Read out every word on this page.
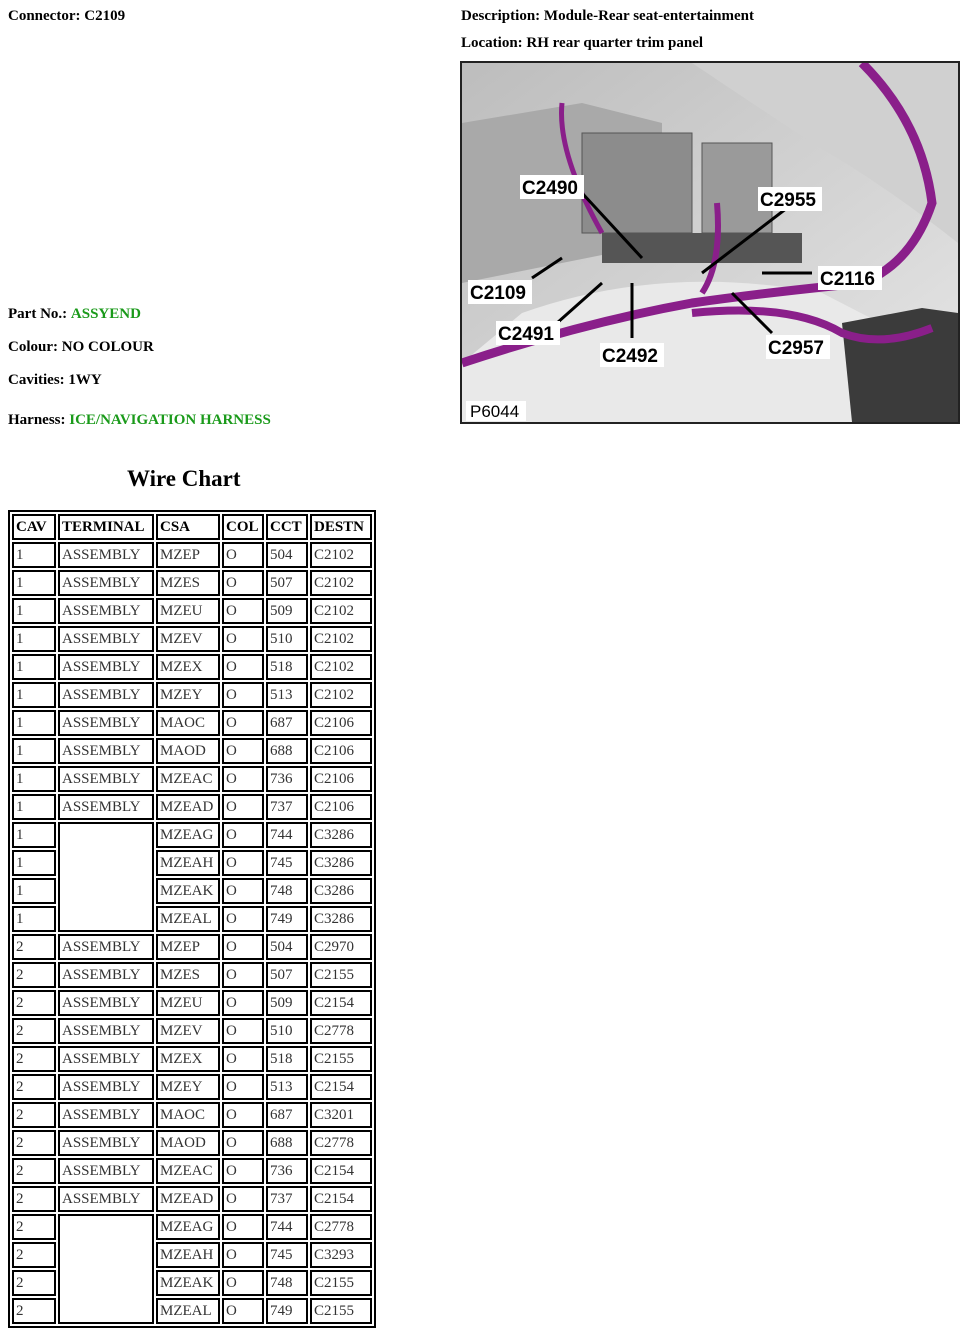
Connector: C2109	Description: Module-Rear seat-entertainment
Location: RH rear quarter trim panel
Part No.: ASSYEND
Colour: NO COLOUR
Cavities: 1WY
Harness: ICE/NAVIGATION HARNESS
C2490
C2955
C2109
C2116
C2491
C2492	C2957
P6044
Wire Chart
CAV	TERMINAL	CSA	COL	CCT	DESTN
1	ASSEMBLY	MZEP	O	504	C2102
1	ASSEMBLY	MZES	O	507	C2102
1	ASSEMBLY	MZEU	O	509	C2102
1	ASSEMBLY	MZEV	O	510	C2102
1	ASSEMBLY	MZEX	O	518	C2102
1	ASSEMBLY	MZEY	O	513	C2102
1	ASSEMBLY	MAOC	O	687	C2106
1	ASSEMBLY	MAOD	O	688	C2106
1	ASSEMBLY	MZEAC	O	736	C2106
1	ASSEMBLY	MZEAD	O	737	C2106
1		MZEAG	O	744	C3286
1		MZEAH	O	745	C3286
1		MZEAK	O	748	C3286
1		MZEAL	O	749	C3286
2	ASSEMBLY	MZEP	O	504	C2970
2	ASSEMBLY	MZES	O	507	C2155
2	ASSEMBLY	MZEU	O	509	C2154
2	ASSEMBLY	MZEV	O	510	C2778
2	ASSEMBLY	MZEX	O	518	C2155
2	ASSEMBLY	MZEY	O	513	C2154
2	ASSEMBLY	MAOC	O	687	C3201
2	ASSEMBLY	MAOD	O	688	C2778
2	ASSEMBLY	MZEAC	O	736	C2154
2	ASSEMBLY	MZEAD	O	737	C2154
2		MZEAG	O	744	C2778
2		MZEAH	O	745	C3293
2		MZEAK	O	748	C2155
2		MZEAL	O	749	C2155
